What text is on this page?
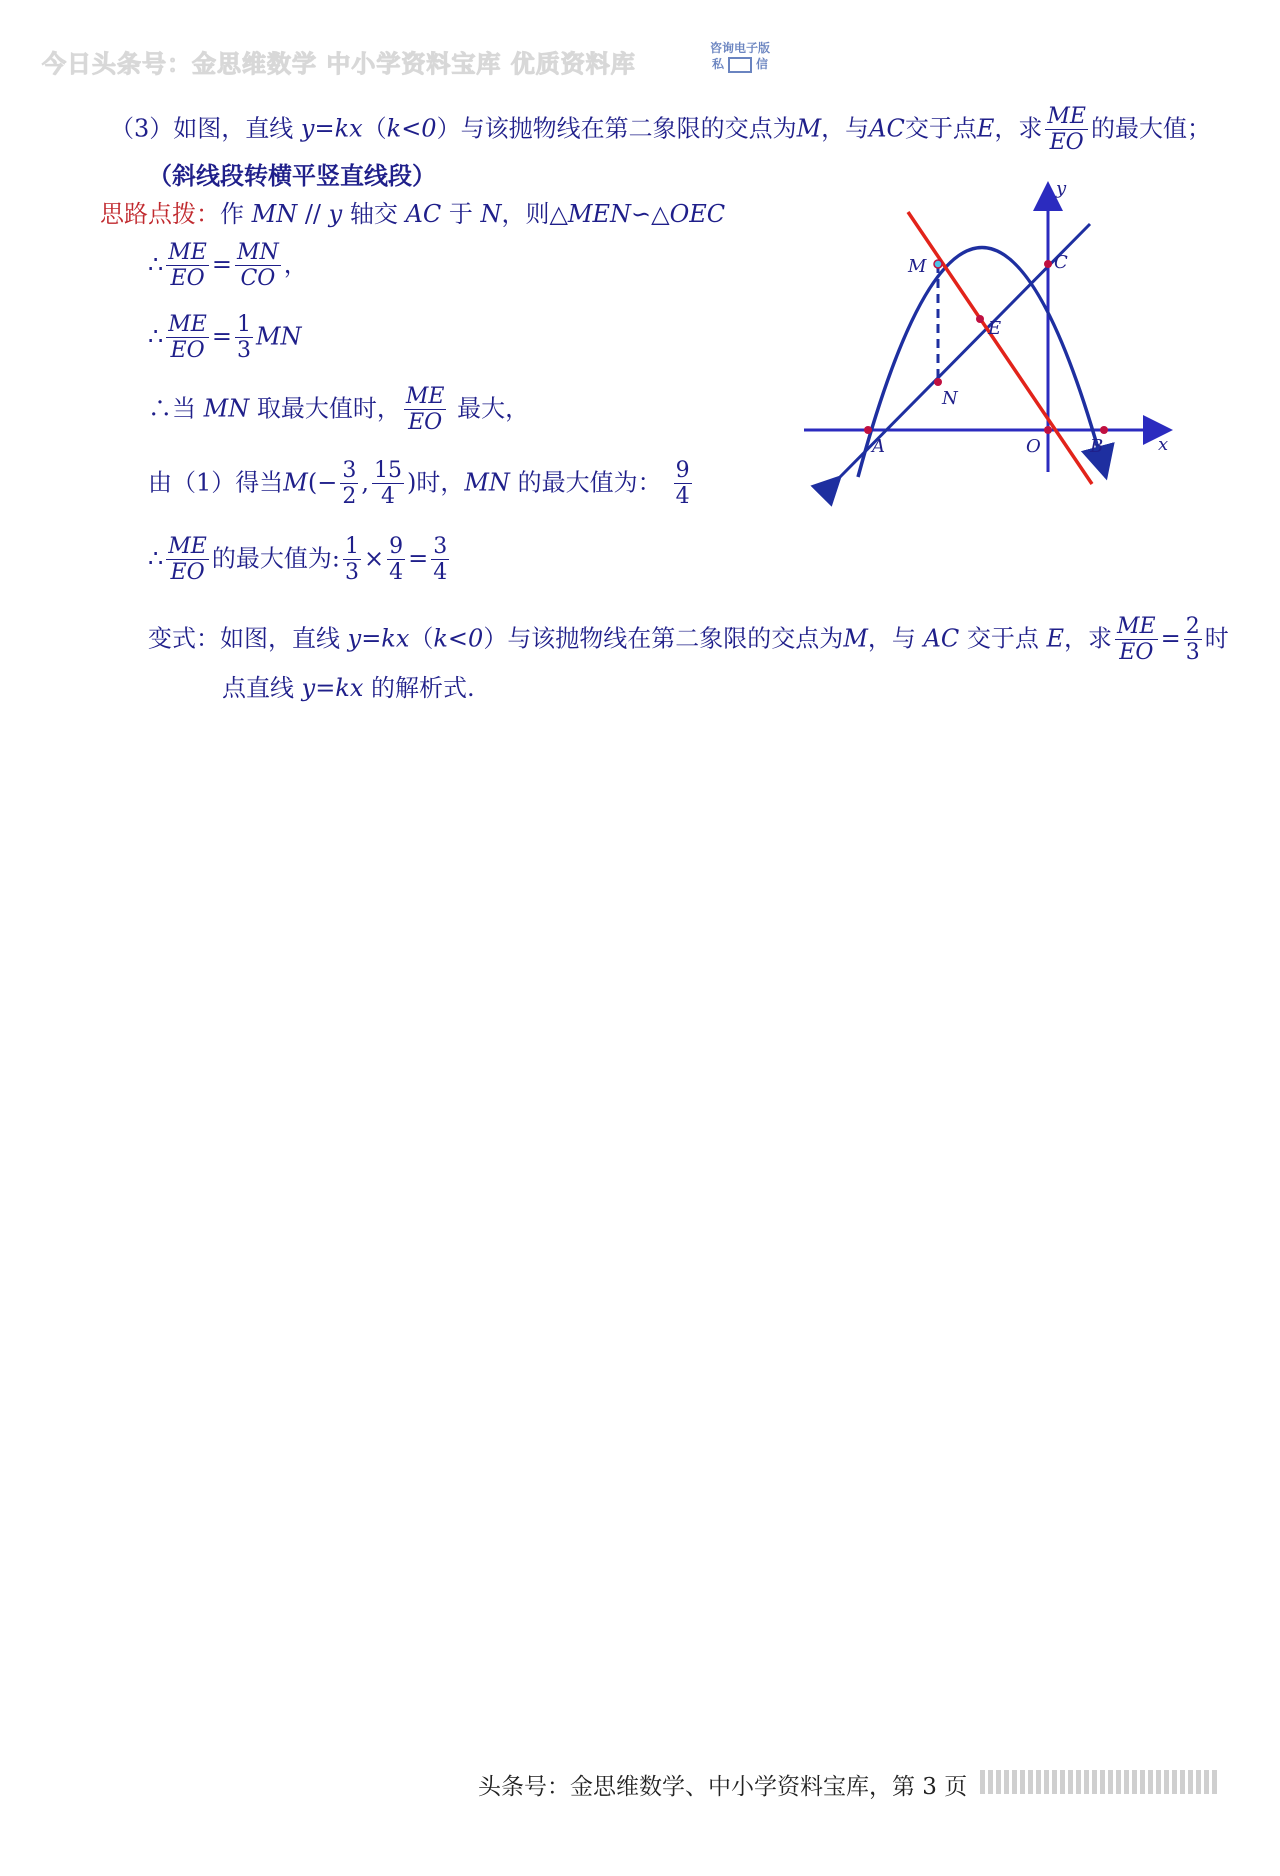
今日头条号：金思维数学 中小学资料宝库 优质资料库
咨询电子版
私	信
（3）如图，直线 y=kx（k<0）与该抛物线在第二象限的交点为M，与AC交于点E，求 $\frac{ME}{EO}$ 的最大值；
（斜线段转横平竖直线段）
思路点拨：作 MN // y 轴交 AC 于 N，则△MEN∽△OEC
∴ $\frac{ME}{EO} = \frac{MN}{CO}$ ，
∴ $\frac{ME}{EO} = \frac{1}{3}$ MN
∴当 MN 取最大值时， $\frac{ME}{EO}$ 最大，
由（1）得当$M(- \frac{3}{2}$ , $\frac{15}{4}$ )时，MN 的最大值为： $\frac{9}{4}$
∴ $\frac{ME}{EO}$ 的最大值为: $\frac{1}{3} \times \frac{9}{4} = \frac{3}{4}$
变式：如图，直线 y=kx（k<0）与该抛物线在第二象限的交点为M，与 AC 交于点 E，求 $\frac{ME}{EO} = \frac{2}{3}$ 时
点直线 y=kx 的解析式.
y
x
M	C
E
N
A	O	B
头条号：金思维数学、中小学资料宝库，第 3 页
